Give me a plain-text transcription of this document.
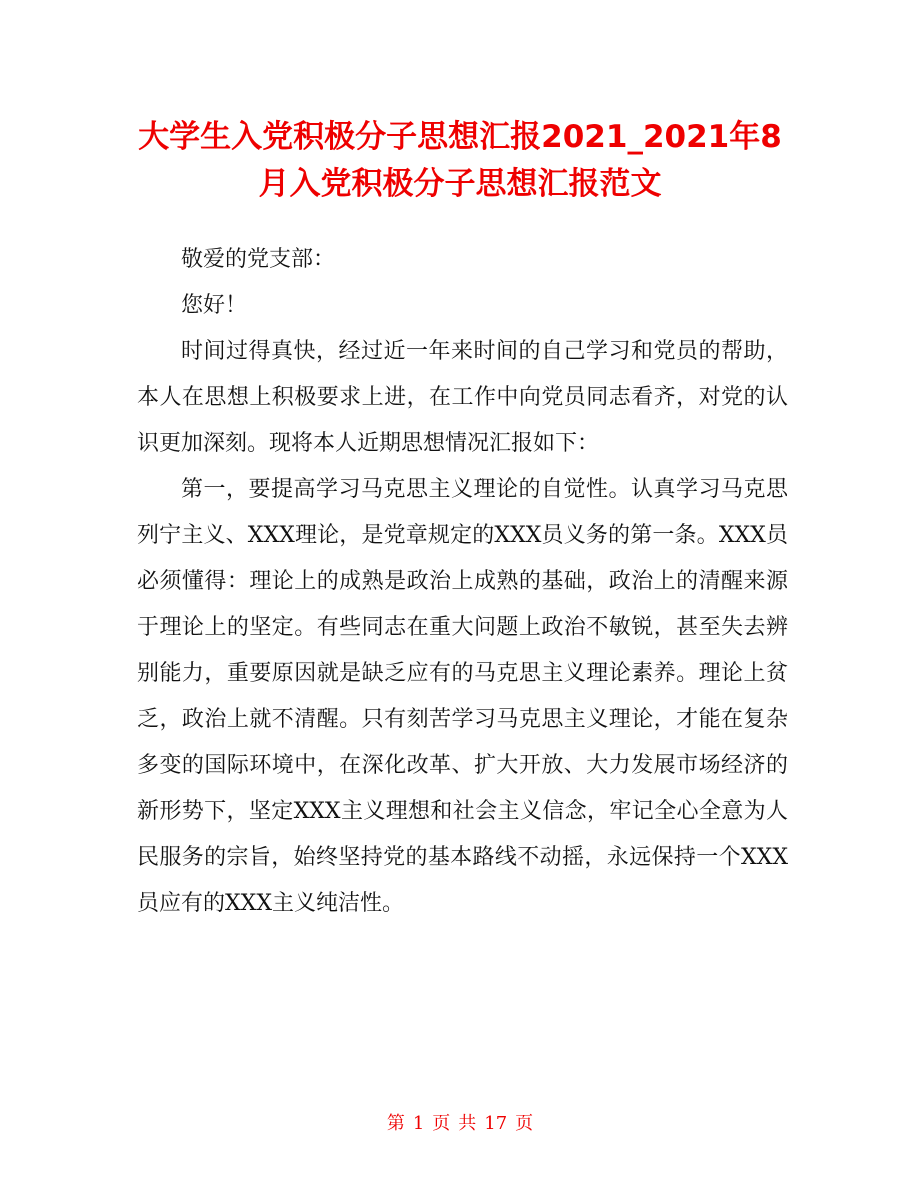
大学生入党积极分子思想汇报2021_2021年8月入党积极分子思想汇报范文

敬爱的党支部：

您好！

时间过得真快，经过近一年来时间的自己学习和党员的帮助，本人在思想上积极要求上进，在工作中向党员同志看齐，对党的认识更加深刻。现将本人近期思想情况汇报如下：

第一，要提高学习马克思主义理论的自觉性。认真学习马克思列宁主义、XXX理论，是党章规定的XXX员义务的第一条。XXX员必须懂得：理论上的成熟是政治上成熟的基础，政治上的清醒来源于理论上的坚定。有些同志在重大问题上政治不敏锐，甚至失去辨别能力，重要原因就是缺乏应有的马克思主义理论素养。理论上贫乏，政治上就不清醒。只有刻苦学习马克思主义理论，才能在复杂多变的国际环境中，在深化改革、扩大开放、大力发展市场经济的新形势下，坚定XXX主义理想和社会主义信念，牢记全心全意为人民服务的宗旨，始终坚持党的基本路线不动摇，永远保持一个XXX员应有的XXX主义纯洁性。

第 1 页 共 17 页
